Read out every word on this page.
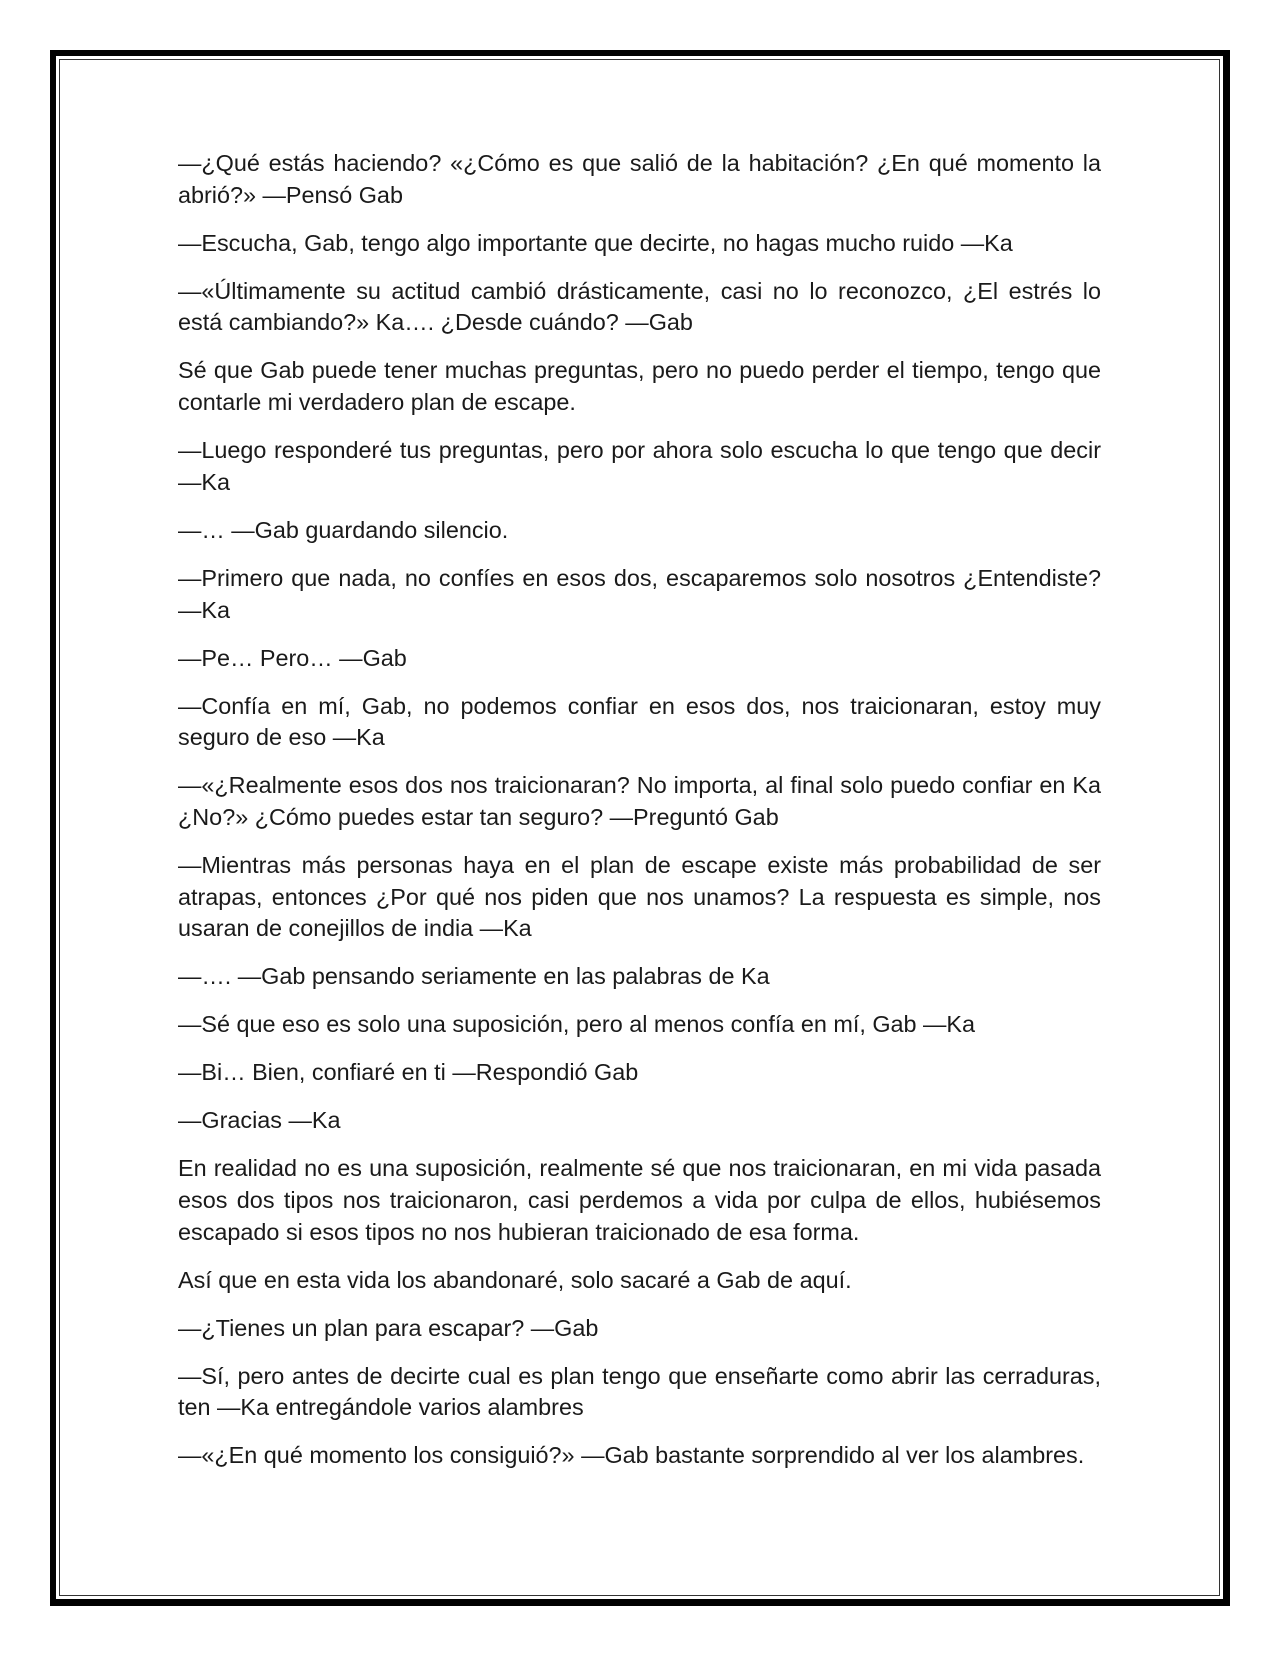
—¿Qué estás haciendo? «¿Cómo es que salió de la habitación? ¿En qué momento la abrió?» —Pensó Gab

—Escucha, Gab, tengo algo importante que decirte, no hagas mucho ruido —Ka

—«Últimamente su actitud cambió drásticamente, casi no lo reconozco, ¿El estrés lo está cambiando?» Ka…. ¿Desde cuándo? —Gab

Sé que Gab puede tener muchas preguntas, pero no puedo perder el tiempo, tengo que contarle mi verdadero plan de escape.

—Luego responderé tus preguntas, pero por ahora solo escucha lo que tengo que decir —Ka

—… —Gab guardando silencio.

—Primero que nada, no confíes en esos dos, escaparemos solo nosotros ¿Entendiste? —Ka

—Pe… Pero… —Gab

—Confía en mí, Gab, no podemos confiar en esos dos, nos traicionaran, estoy muy seguro de eso —Ka

—«¿Realmente esos dos nos traicionaran? No importa, al final solo puedo confiar en Ka ¿No?» ¿Cómo puedes estar tan seguro? —Preguntó Gab

—Mientras más personas haya en el plan de escape existe más probabilidad de ser atrapas, entonces ¿Por qué nos piden que nos unamos? La respuesta es simple, nos usaran de conejillos de india —Ka

—…. —Gab pensando seriamente en las palabras de Ka

—Sé que eso es solo una suposición, pero al menos confía en mí, Gab —Ka

—Bi… Bien, confiaré en ti —Respondió Gab

—Gracias —Ka

En realidad no es una suposición, realmente sé que nos traicionaran, en mi vida pasada esos dos tipos nos traicionaron, casi perdemos a vida por culpa de ellos, hubiésemos escapado si esos tipos no nos hubieran traicionado de esa forma.

Así que en esta vida los abandonaré, solo sacaré a Gab de aquí.

—¿Tienes un plan para escapar? —Gab

—Sí, pero antes de decirte cual es plan tengo que enseñarte como abrir las cerraduras, ten —Ka entregándole varios alambres

—«¿En qué momento los consiguió?» —Gab bastante sorprendido al ver los alambres.
